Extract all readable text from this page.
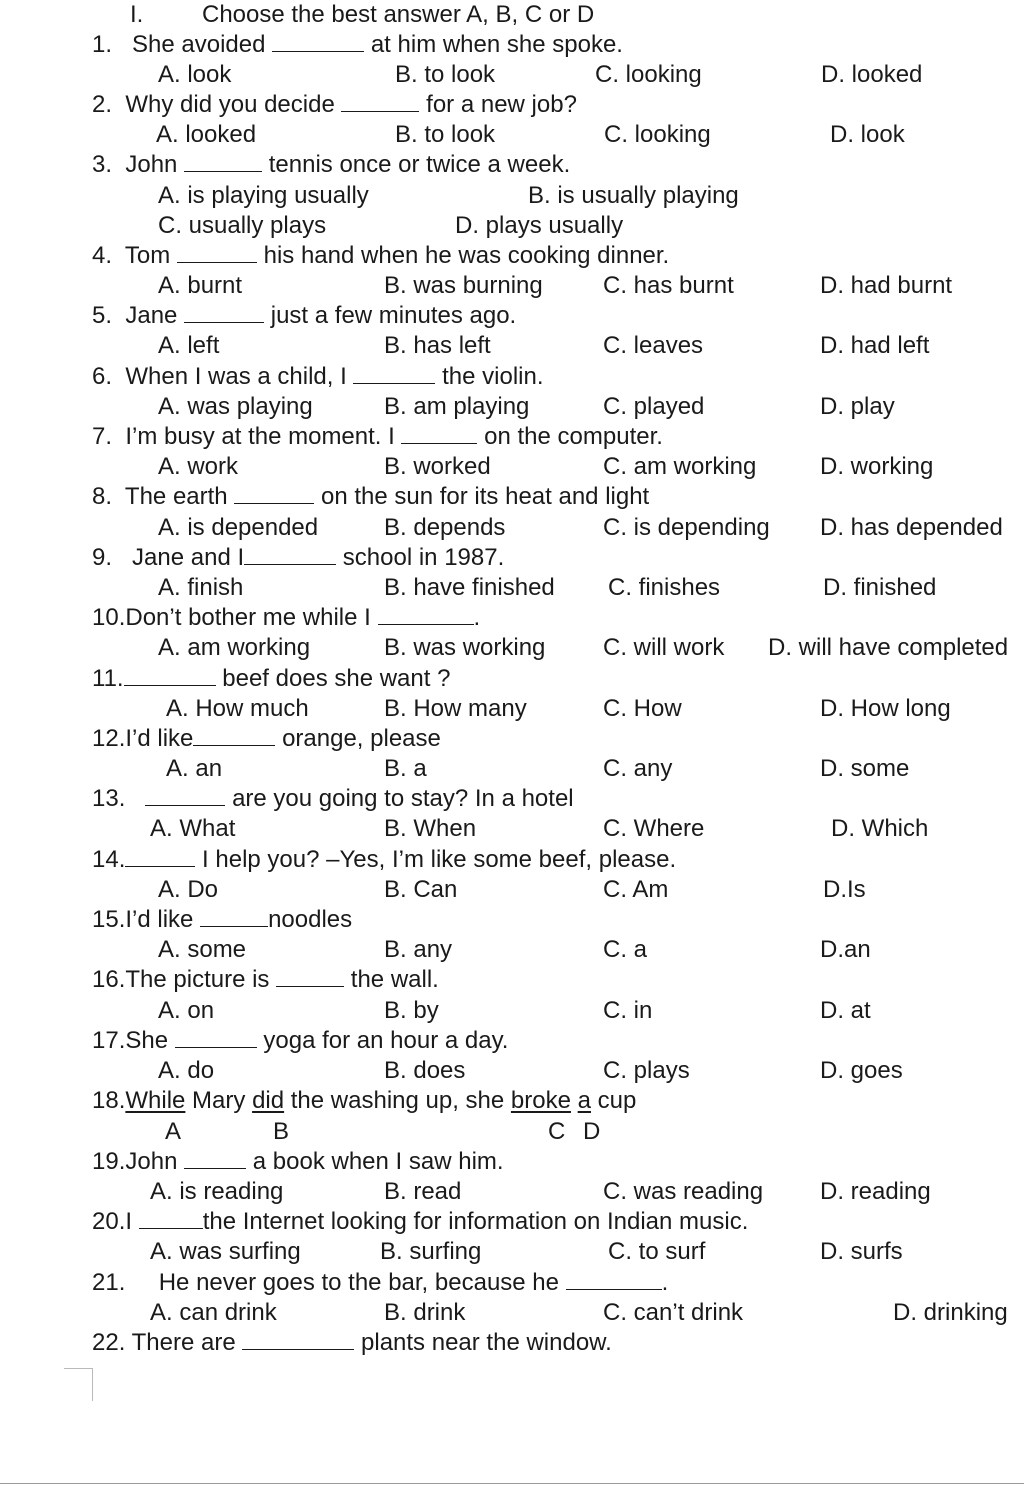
I. Choose the best answer A, B, C or D
1. She avoided	at him when she spoke.
A. look	B. to look	C. looking	D. looked
2. Why did you decide	for a new job?
A. looked	B. to look	C. looking	D. look
3. John	tennis once or twice a week.
A. is playing usually	B. is usually playing
C. usually plays	D. plays usually
4. Tom	his hand when he was cooking dinner.
A. burnt	B. was burning	C. has burnt	D. had burnt
5. Jane	just a few minutes ago.
A. left	B. has left	C. leaves	D. had left
6. When I was a child, I	the violin.
A. was playing	B. am playing	C. played	D. play
7. I’m busy at the moment. I	on the computer.
A. work	B. worked	C. am working	D. working
8. The earth	on the sun for its heat and light
A. is depended	B. depends	C. is depending D. has depended
9. Jane and I	school in 1987.
A. finish	B. have finished C. finishes	D. finished
10.Don’t bother me while I	.
A. am working	B. was working C. will work D. will have completed
11.	beef does she want ?
A. How much	B. How many	C. How	D. How long
12.I’d like	orange, please
A. an	B. a	C. any	D. some
13.	are you going to stay? In a hotel
A. What	B. When	C. Where	D. Which
14.	I help you? –Yes, I’m like some beef, please.
A. Do	B. Can	C. Am	D.Is
15.I’d like	noodles
A. some	B. any	C. a	D.an
16.The picture is	the wall.
A. on	B. by	C. in	D. at
17.She	yoga for an hour a day.
A. do	B. does	C. plays	D. goes
18.While Mary did the washing up, she broke a cup
A	B	C D
19.John	a book when I saw him.
A. is reading	B. read	C. was reading D. reading
20.I	the Internet looking for information on Indian music.
A. was surfing	B. surfing	C. to surf	D. surfs
21. He never goes to the bar, because he	.
A. can drink	B. drink	C. can’t drink	D. drinking
22. There are	plants near the window.
